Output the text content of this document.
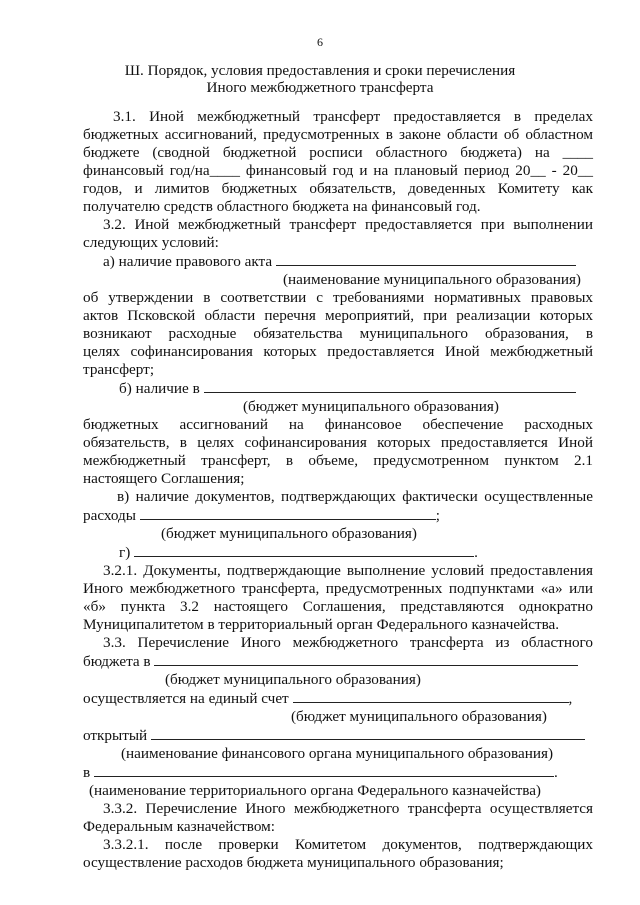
6
Ш. Порядок, условия предоставления и сроки перечисления
Иного межбюджетного трансферта
3.1. Иной межбюджетный трансферт предоставляется в пределах
бюджетных ассигнований, предусмотренных в законе области об областном
бюджете (сводной бюджетной росписи областного бюджета) на ____
финансовый год/на____ финансовый год и на плановый период 20__ - 20__
годов, и лимитов бюджетных обязательств, доведенных Комитету как
получателю средств областного бюджета на финансовый год.
3.2. Иной межбюджетный трансферт предоставляется при выполнении
следующих условий:
а) наличие правового акта
(наименование муниципального образования)
об утверждении в соответствии с требованиями нормативных правовых
актов Псковской области перечня мероприятий, при реализации которых
возникают расходные обязательства муниципального образования, в
целях софинансирования которых предоставляется Иной межбюджетный
трансферт;
б) наличие в
(бюджет муниципального образования)
бюджетных ассигнований на финансовое обеспечение расходных
обязательств, в целях софинансирования которых предоставляется Иной
межбюджетный трансферт, в объеме, предусмотренном пунктом 2.1
настоящего Соглашения;
в) наличие документов, подтверждающих фактически осуществленные
расходы	;
(бюджет муниципального образования)
г)	.
3.2.1. Документы, подтверждающие выполнение условий предоставления
Иного межбюджетного трансферта, предусмотренных подпунктами «а» или
«б» пункта 3.2 настоящего Соглашения, представляются однократно
Муниципалитетом в территориальный орган Федерального казначейства.
3.3. Перечисление Иного межбюджетного трансферта из областного
бюджета в
(бюджет муниципального образования)
осуществляется на единый счет	,
(бюджет муниципального образования)
открытый
(наименование финансового органа муниципального образования)
в	.
(наименование территориального органа Федерального казначейства)
3.3.2. Перечисление Иного межбюджетного трансферта осуществляется
Федеральным казначейством:
3.3.2.1. после проверки Комитетом документов, подтверждающих
осуществление расходов бюджета муниципального образования;
